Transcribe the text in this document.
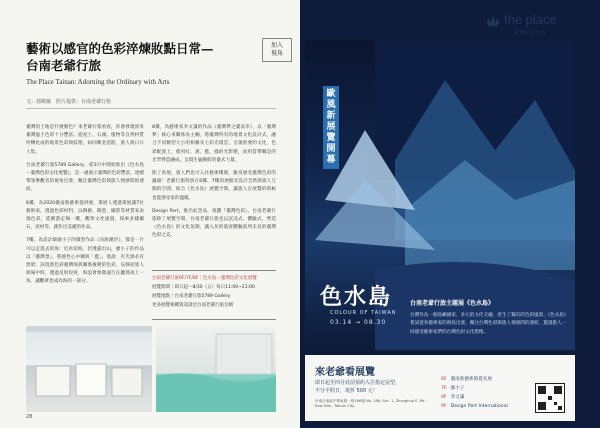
加入
視角
藝術以感官的色彩淬煉妝點日常—
台南老爺行旅
The Place Tainan: Adorning the Ordinary with Arts
文：郭曉蘊　照片提供：台南老爺行旅

臺灣的土地是什麼顏色？來老爺行旅看看，你會發現原來臺灣風土色彩十分豐富。從泥土、石頭、植物等自然材質所轉化成的地景色彩與紋理，如同陳金造般，旅人與日日人集。

台南老爺行旅5789 Gallery，從3月中開始推出《色水島－臺灣色彩文化展覽》，是一處展示臺灣的色彩豐富，連續帶領參觀者的視角出發，關注臺灣色彩與旅人情感間的連結。

6樓，為2020臺南新藝術提供展，策展人透過策展讓7位藝術家、透過色彩材料，以陶藝、陶瓷、攝影等材質來表現色彩，延續游走場一樓，觀察文化風貌、探索多樣攝石，泥材等，創作出美麗的作品。

7樓，為設計師廖小子的微型作品《向海潮汐》，都是一片可以走進去的海；近看似海，但透露出山，廖小子的作品以『臺灣景』，將感性心中關與「藍」。他說：有光源必有黑暗；該現將色彩臺灣海與關係後變的色彩，安靜而迷人與場中時，透過反射投射，海浪會象徵遠行在聽那夜上一角。讓觀眾也成為海的一部分。

8樓，為藝術家李文謙的作品《臺灣夢之臺南市》，以「臺灣夢」核心來關係為主軸，將臺灣特有的地景文化設計式，融合不同類型大小的相稱及七彩光環雲，呈現給要的文化，色彩配置上，使用紅、黃、藍、綠的光影變，而用當帶關是的光學營造融成，呈現生猛繽紛的臺式力量。

除了看展，旅人們也可入住藝術樓層，親身感受臺灣色彩的蘊藉！老爺行旅特別在6樓、7樓的展館旁設計全新與旅人互動的空間，結合《色水島》展覽空間，讓旅人在展覽的時候也能感受家的溫暖。

Design Port，推出紀念品，規劃『臺灣色彩』，台南老爺行旅除了展覽空間，台南老爺行旅也以沉浸式、體驗式，營造《色水島》的文化氛圍，讓入住的旅客體驗前所未見的臺灣色彩之美。

台南老爺行旅6F/7F/8F｜色水島－臺灣色彩文化展覽
展覽期間｜即日起～8/30（五）每日11:00~21:00
展覽地點｜台南老爺行旅5789 Gallery
更多展覽相關資訊請洽台南老爺行旅官網
28
the place
老爺行旅 台南
歐風新展覽開幕
色水島
COLOUR OF TAIWAN
03.14 → 08.30
台南老爺行旅主題展《色水島》
台灣作為一個島嶼國家，多元的文化交融，產生了獨有的色彩風景。《色水島》嘗試從各藝術家的視角出發，關注台灣色彩與旅人情感間的連結，邀請旅人一同感受藝術家們的台灣色彩文化想像。
來老爺看展覽
即日起至四月底前預約入住指定房型，
不分平假日，現折 500 元！
台南市東區中華東路一段166號 No. 166, Sec. 1, Zhonghua E. Rd., East Dist., Tainan City
6F 臺南新藝術節提名展
7F 廖小子
8F 李文謙
9F Design Port International
